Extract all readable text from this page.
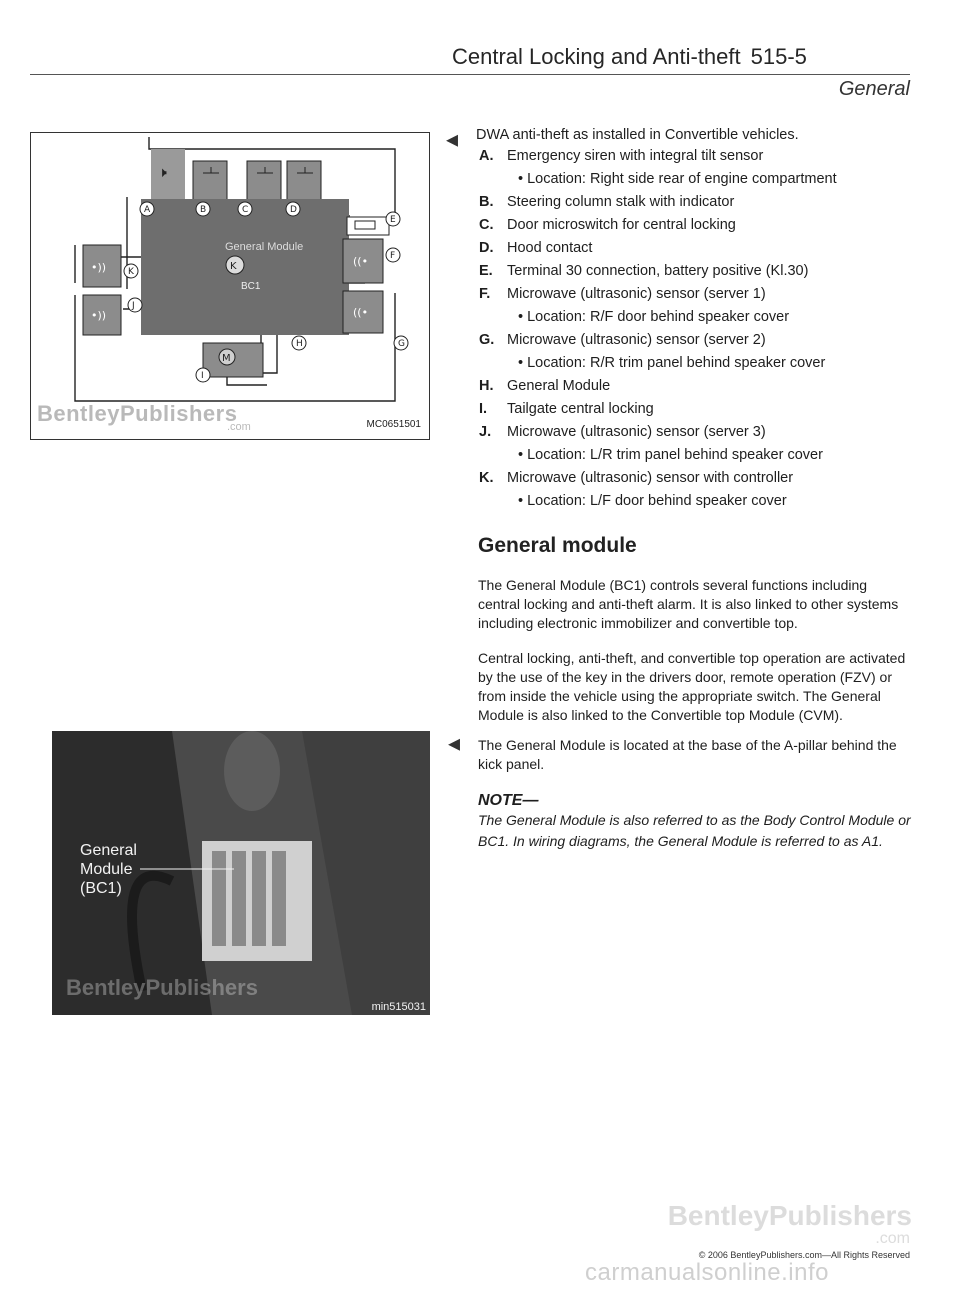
Central Locking and Anti-theft 515-5
General
🕨
K	((•
((•
•))
•))
M
A	B	C	D
E
F
G
H
I
J
K
General Module
BC1
BentleyPublishers
.com	MC0651501
◂ DWA anti-theft as installed in Convertible vehicles.
A. Emergency siren with integral tilt sensor
• Location: Right side rear of engine compartment
B. Steering column stalk with indicator
C. Door microswitch for central locking
D. Hood contact
E. Terminal 30 connection, battery positive (Kl.30)
F. Microwave (ultrasonic) sensor (server 1)
• Location: R/F door behind speaker cover
G. Microwave (ultrasonic) sensor (server 2)
• Location: R/R trim panel behind speaker cover
H. General Module
I. Tailgate central locking
J. Microwave (ultrasonic) sensor (server 3)
• Location: L/R trim panel behind speaker cover
K. Microwave (ultrasonic) sensor with controller
• Location: L/F door behind speaker cover
General module

The General Module (BC1) controls several functions including central locking and anti-theft alarm. It is also linked to other systems including electronic immobilizer and convertible top.

Central locking, anti-theft, and convertible top operation are activated by the use of the key in the drivers door, remote operation (FZV) or from inside the vehicle using the appropriate switch. The General Module is also linked to the Convertible top Module (CVM).

◂ The General Module is located at the base of the A-pillar behind the kick panel.
NOTE—

The General Module is also referred to as the Body Control Module or BC1. In wiring diagrams, the General Module is referred to as A1.

General
Module
(BC1)
BentleyPublishers
min515031
BentleyPublishers
.com
© 2006 BentleyPublishers.com—All Rights Reserved
carmanualsonline.info
